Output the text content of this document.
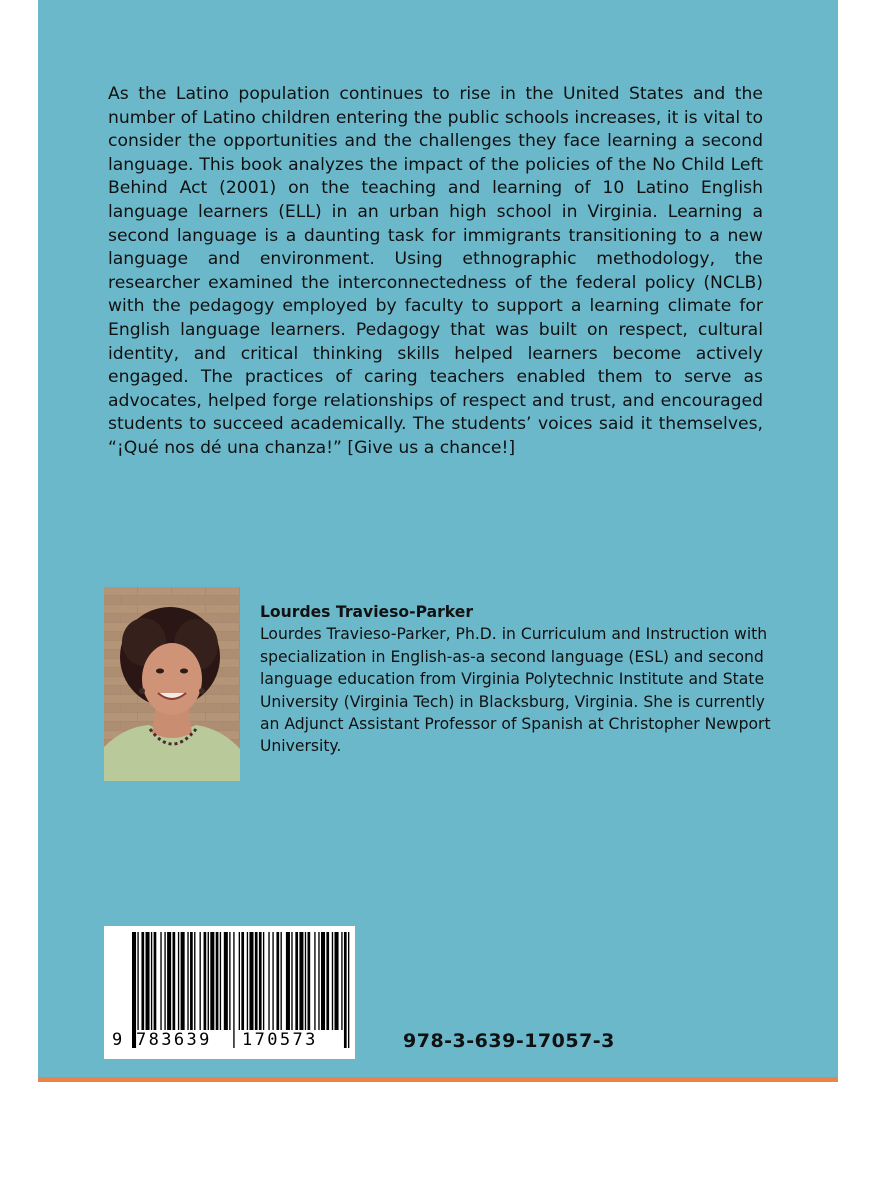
As the Latino population continues to rise in the United States and the number of Latino children entering the public schools increases, it is vital to consider the opportunities and the challenges they face learning a second language. This book analyzes the impact of the policies of the No Child Left Behind Act (2001) on the teaching and learning of 10 Latino English language learners (ELL) in an urban high school in Virginia. Learning a second language is a daunting task for immigrants transitioning to a new language and environment. Using ethnographic methodology, the researcher examined the interconnectedness of the federal policy (NCLB) with the pedagogy employed by faculty to support a learning climate for English language learners. Pedagogy that was built on respect, cultural identity, and critical thinking skills helped learners become actively engaged. The practices of caring teachers enabled them to serve as advocates, helped forge relationships of respect and trust, and encouraged students to succeed academically. The students’ voices said it themselves, “¡Qué nos dé una chanza!” [Give us a chance!]
Lourdes Travieso-Parker
Lourdes Travieso-Parker, Ph.D. in Curriculum and Instruction with specialization in English-as-a second language (ESL) and second language education from Virginia Polytechnic Institute and State University (Virginia Tech) in Blacksburg, Virginia. She is currently an Adjunct Assistant Professor of Spanish at Christopher Newport University.
9 783639 170573	978-3-639-17057-3
